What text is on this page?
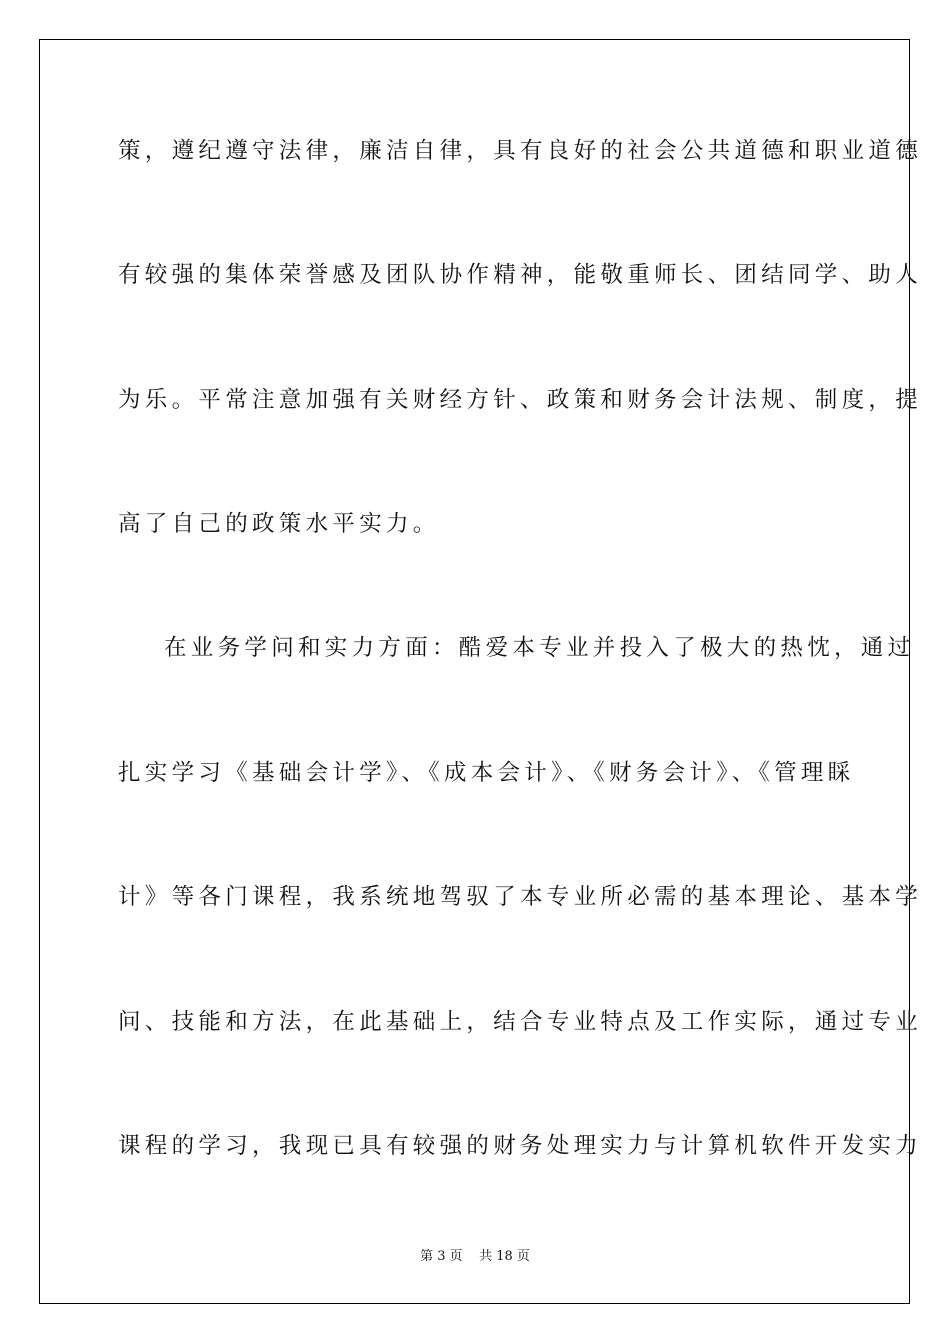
策，遵纪遵守法律，廉洁自律，具有良好的社会公共道德和职业道德

有较强的集体荣誉感及团队协作精神，能敬重师长、团结同学、助人

为乐。平常注意加强有关财经方针、政策和财务会计法规、制度，提

高了自己的政策水平实力。

在业务学问和实力方面：酷爱本专业并投入了极大的热忱，通过

扎实学习《基础会计学》、《成本会计》、《财务会计》、《管理睬

计》等各门课程，我系统地驾驭了本专业所必需的基本理论、基本学

问、技能和方法，在此基础上，结合专业特点及工作实际，通过专业

课程的学习，我现已具有较强的财务处理实力与计算机软件开发实力

第 3 页    共 18 页
